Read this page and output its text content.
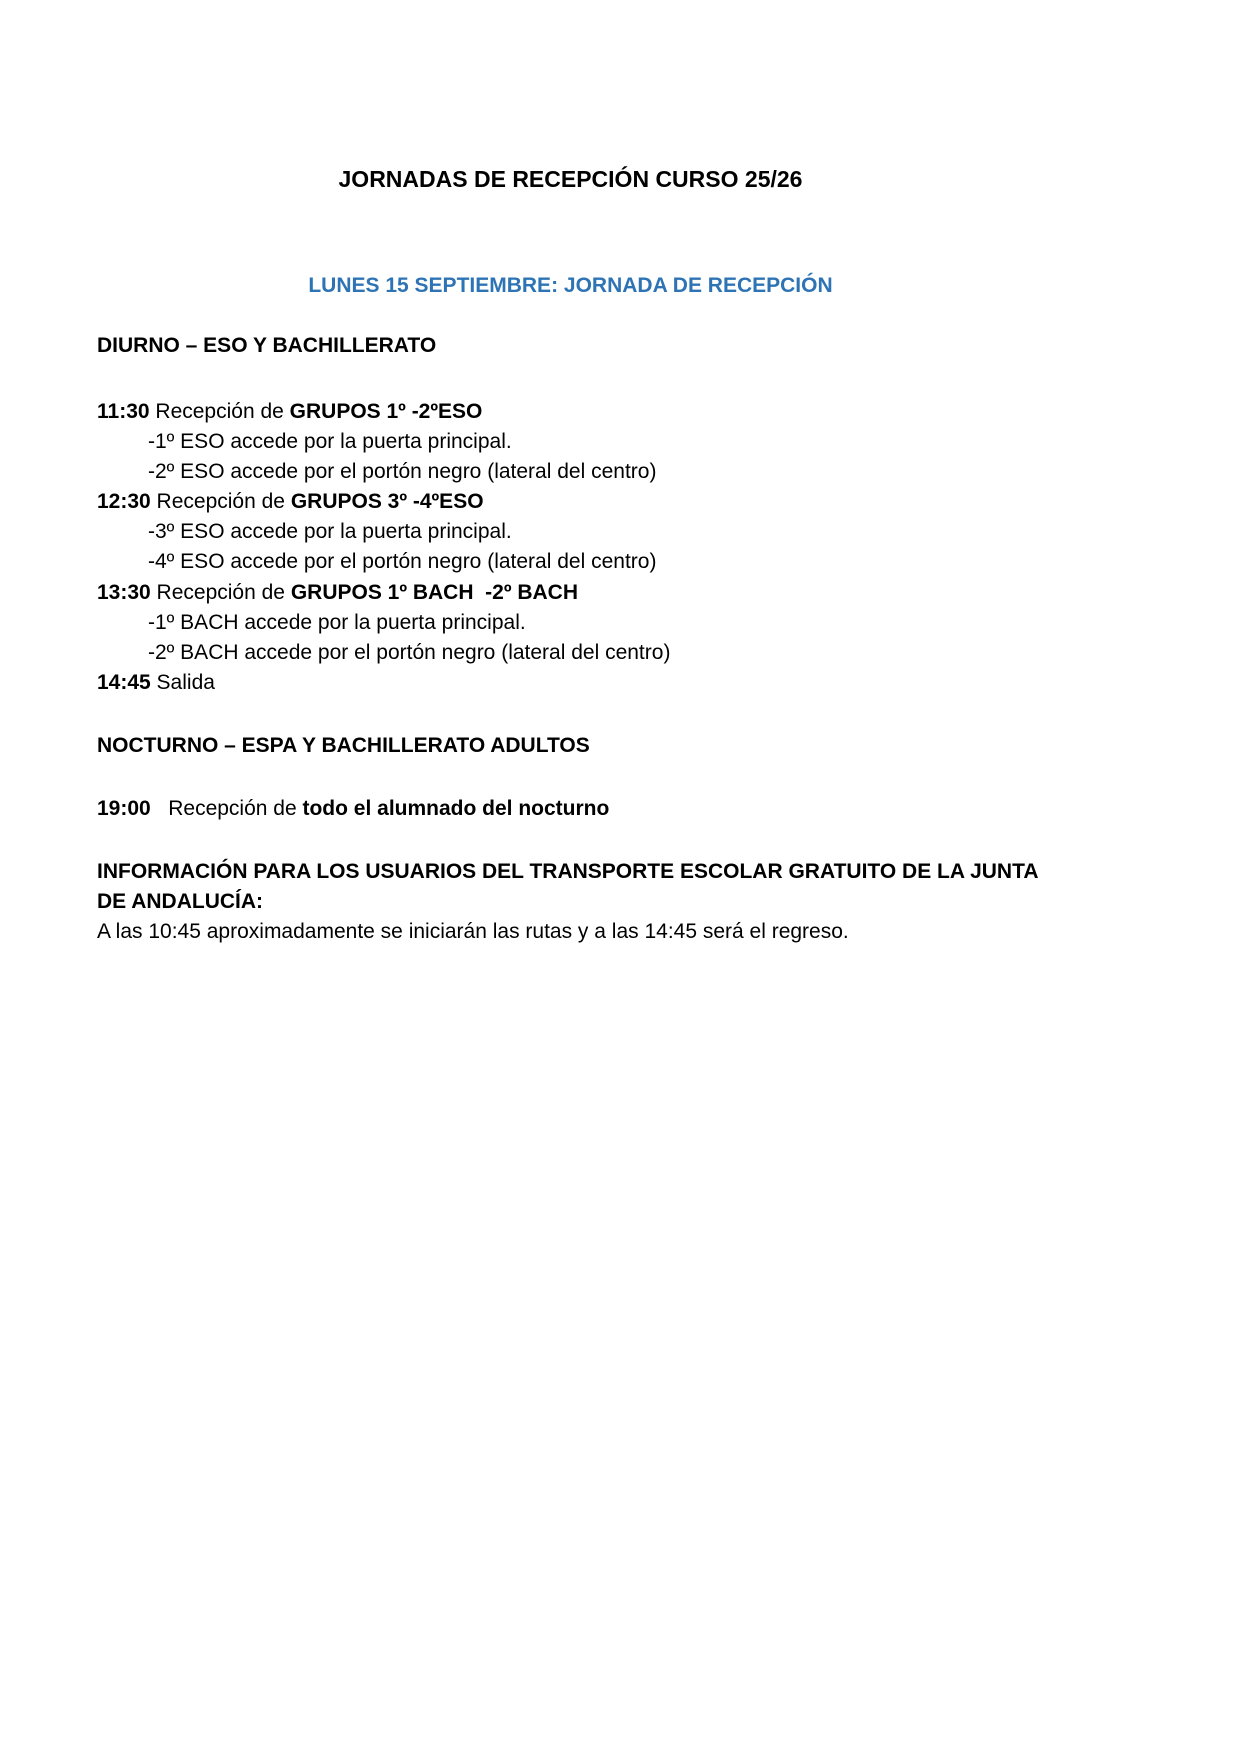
JORNADAS DE RECEPCIÓN CURSO 25/26
LUNES 15 SEPTIEMBRE: JORNADA DE RECEPCIÓN
DIURNO – ESO Y BACHILLERATO
11:30 Recepción de GRUPOS 1º -2ºESO
-1º ESO accede por la puerta principal.
-2º ESO accede por el portón negro (lateral del centro)
12:30 Recepción de GRUPOS 3º -4ºESO
-3º ESO accede por la puerta principal.
-4º ESO accede por el portón negro (lateral del centro)
13:30 Recepción de GRUPOS 1º BACH  -2º BACH
-1º BACH accede por la puerta principal.
-2º BACH accede por el portón negro (lateral del centro)
14:45 Salida
NOCTURNO – ESPA Y BACHILLERATO ADULTOS
19:00   Recepción de todo el alumnado del nocturno
INFORMACIÓN PARA LOS USUARIOS DEL TRANSPORTE ESCOLAR GRATUITO DE LA JUNTA
DE ANDALUCÍA:
A las 10:45 aproximadamente se iniciarán las rutas y a las 14:45 será el regreso.
